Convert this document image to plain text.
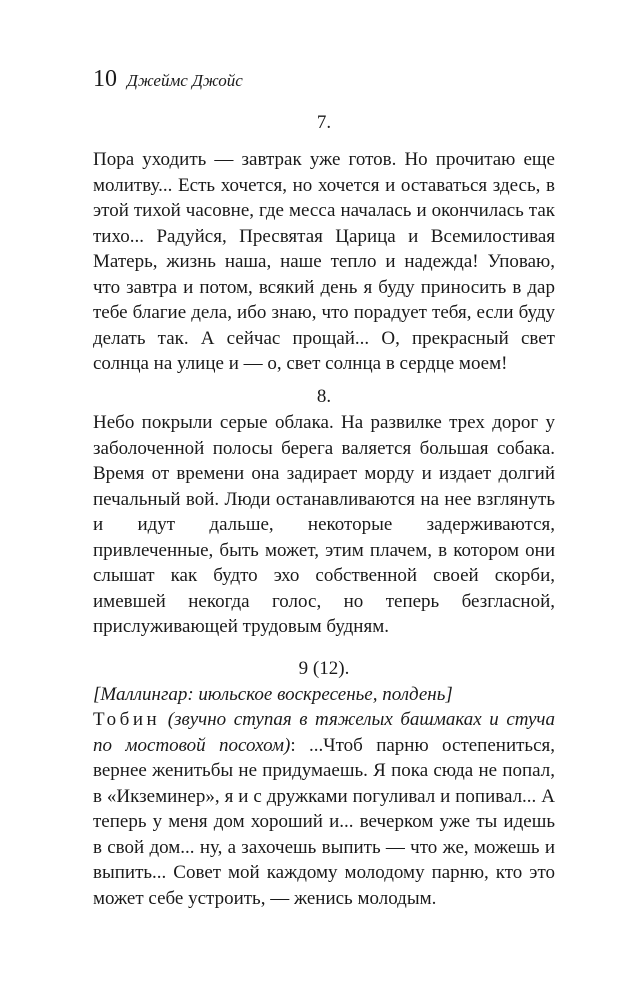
10 Джеймс Джойс
7.

Пора уходить — завтрак уже готов. Но прочитаю еще молитву... Есть хочется, но хочется и оставаться здесь, в этой тихой часовне, где месса началась и окончилась так тихо... Радуйся, Пресвятая Царица и Всемилостивая Матерь, жизнь наша, наше тепло и надежда! Уповаю, что завтра и потом, всякий день я буду приносить в дар тебе благие дела, ибо знаю, что порадует тебя, если буду делать так. А сейчас прощай... О, прекрасный свет солнца на улице и — о, свет солнца в сердце моем!

8.

Небо покрыли серые облака. На развилке трех дорог у заболоченной полосы берега валяется большая собака. Время от времени она задирает морду и издает долгий печальный вой. Люди останавливаются на нее взглянуть и идут дальше, некоторые задерживаются, привлеченные, быть может, этим плачем, в котором они слышат как будто эхо собственной своей скорби, имевшей некогда голос, но теперь безгласной, прислуживающей трудовым будням.

9 (12).

[Маллингар: июльское воскресенье, полдень]

Тобин (звучно ступая в тяжелых башмаках и стуча по мостовой посохом): ...Чтоб парню остепениться, вернее женитьбы не придумаешь. Я пока сюда не попал, в «Икземинер», я и с дружками погуливал и попивал... А теперь у меня дом хороший и... вечерком уже ты идешь в свой дом... ну, а захочешь выпить — что же, можешь и выпить... Совет мой каждому молодому парню, кто это может себе устроить, — женись молодым.
